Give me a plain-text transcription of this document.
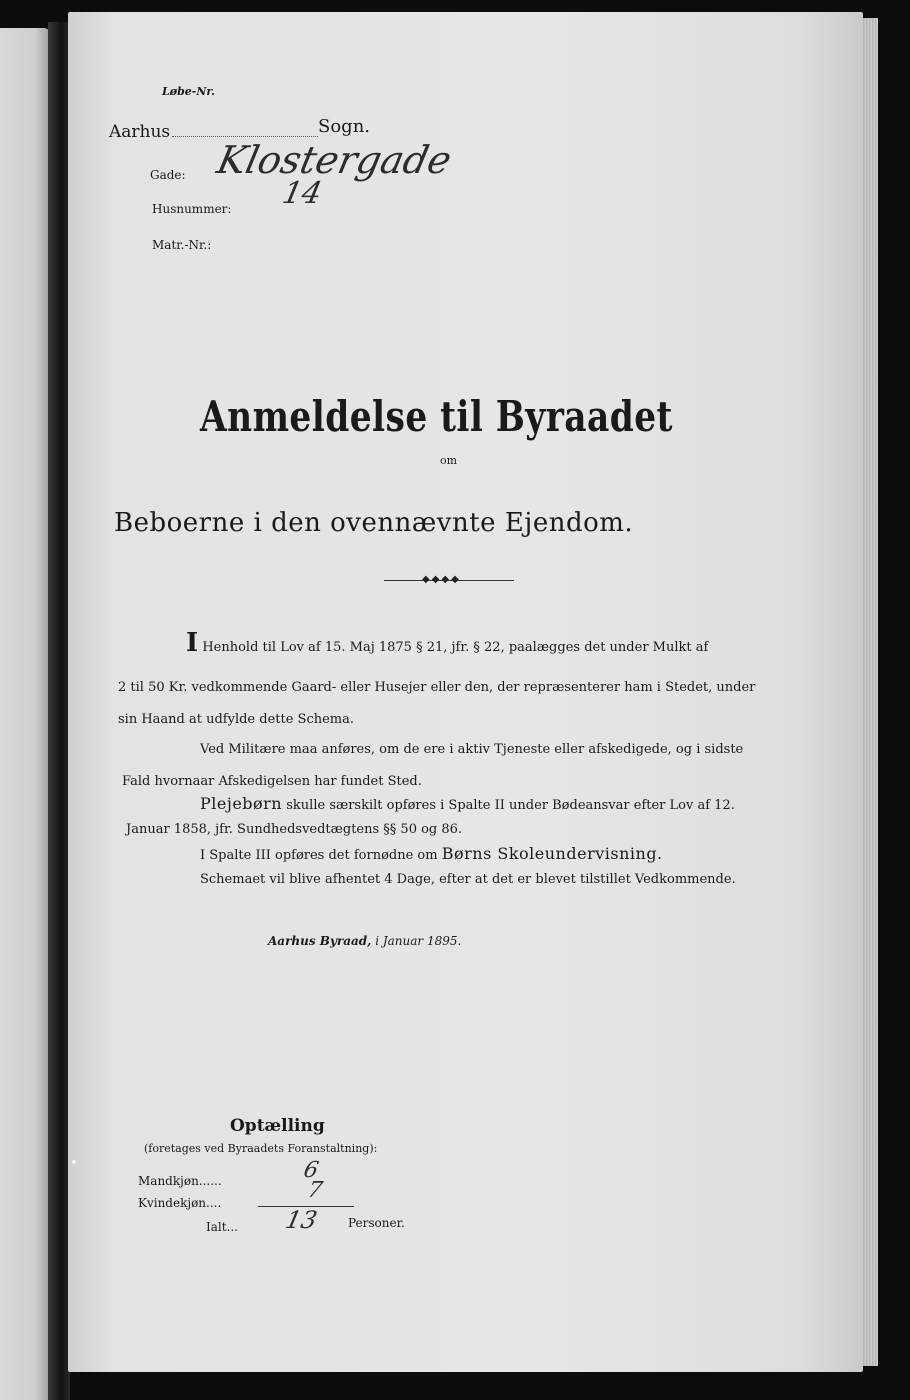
Løbe-Nr.
Aarhus	Sogn.
Gade: Klostergade
Husnummer: 14
Matr.-Nr.:
Anmeldelse til Byraadet
om
Beboerne i den ovennævnte Ejendom.
◆◆◆◆
I Henhold til Lov af 15. Maj 1875 § 21, jfr. § 22, paalægges det under Mulkt af
2 til 50 Kr. vedkommende Gaard- eller Husejer eller den, der repræsenterer ham i Stedet, under
sin Haand at udfylde dette Schema.
Ved Militære maa anføres, om de ere i aktiv Tjeneste eller afskedigede, og i sidste
Fald hvornaar Afskedigelsen har fundet Sted.
Plejebørn skulle særskilt opføres i Spalte II under Bødeansvar efter Lov af 12.
Januar 1858, jfr. Sundhedsvedtægtens §§ 50 og 86.
I Spalte III opføres det fornødne om Børns Skoleundervisning.
Schemaet vil blive afhentet 4 Dage, efter at det er blevet tilstillet Vedkommende.
Aarhus Byraad, i Januar 1895.
Optælling
(foretages ved Byraadets Foranstaltning):
Mandkjøn......	6
Kvindekjøn....	7
Ialt... 13 Personer.
